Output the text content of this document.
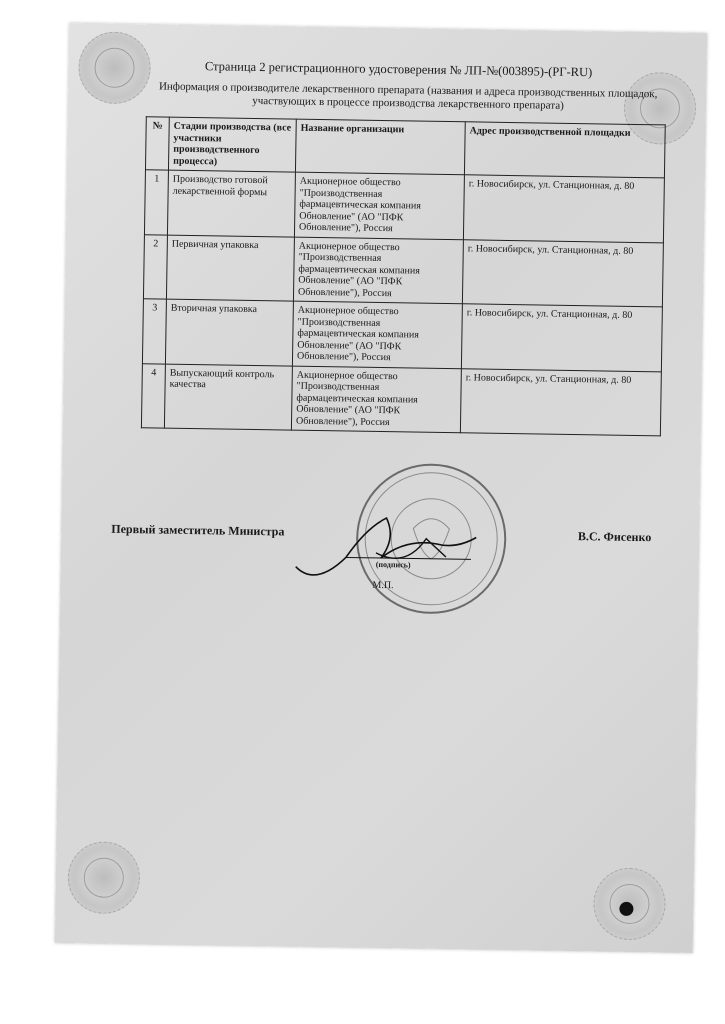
Страница 2 регистрационного удостоверения № ЛП-№(003895)-(РГ-RU)
Информация о производителе лекарственного препарата (названия и адреса производственных площадок, участвующих в процессе производства лекарственного препарата)
№	Стадии производства (все участники производственного процесса)	Название организации	Адрес производственной площадки
1	Производство готовой лекарственной формы	Акционерное общество "Производственная фармацевтическая компания Обновление" (АО "ПФК Обновление"), Россия	г. Новосибирск, ул. Станционная, д. 80
2	Первичная упаковка	Акционерное общество "Производственная фармацевтическая компания Обновление" (АО "ПФК Обновление"), Россия	г. Новосибирск, ул. Станционная, д. 80
3	Вторичная упаковка	Акционерное общество "Производственная фармацевтическая компания Обновление" (АО "ПФК Обновление"), Россия	г. Новосибирск, ул. Станционная, д. 80
4	Выпускающий контроль качества	Акционерное общество "Производственная фармацевтическая компания Обновление" (АО "ПФК Обновление"), Россия	г. Новосибирск, ул. Станционная, д. 80
Первый заместитель Министра	В.С. Фисенко
(подпись)
М.П.
